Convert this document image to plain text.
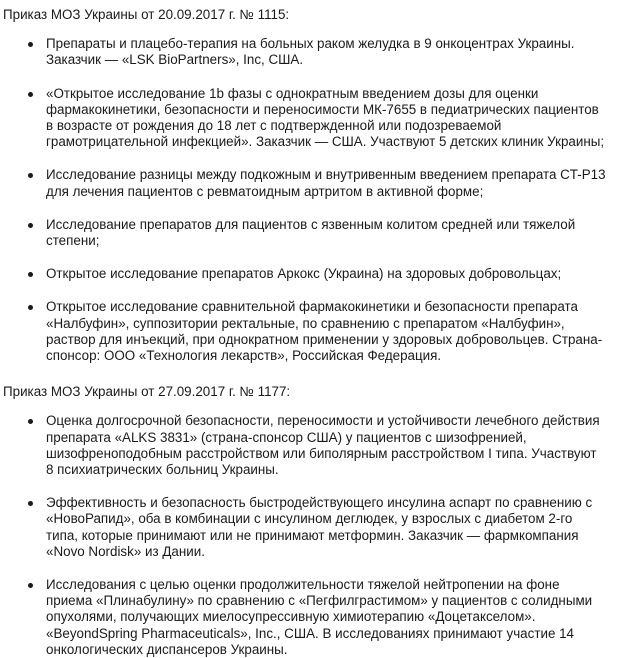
Приказ МОЗ Украины от 20.09.2017 г. № 1115:

Препараты и плацебо-терапия на больных раком желудка в 9 онкоцентрах Украины. Заказчик — «LSK BioPartners», Inc, США.
«Открытое исследование 1b фазы с однократным введением дозы для оценки фармакокинетики, безопасности и переносимости МК-7655 в педиатрических пациентов в возрасте от рождения до 18 лет с подтвержденной или подозреваемой грамотрицательной инфекцией». Заказчик — США. Участвуют 5 детских клиник Украины;
Исследование разницы между подкожным и внутривенным введением препарата CT-P13 для лечения пациентов с ревматоидным артритом в активной форме;
Исследование препаратов для пациентов с язвенным колитом средней или тяжелой степени;
Открытое исследование препаратов Аркокс (Украина) на здоровых добровольцах;
Открытое исследование сравнительной фармакокинетики и безопасности препарата «Налбуфин», суппозитории ректальные, по сравнению с препаратом «Налбуфин», раствор для инъекций, при однократном применении у здоровых добровольцев. Страна-спонсор: ООО «Технология лекарств», Российская Федерация.

Приказ МОЗ Украины от 27.09.2017 г. № 1177:

Оценка долгосрочной безопасности, переносимости и устойчивости лечебного действия препарата «ALKS 3831» (страна-спонсор США) у пациентов с шизофренией, шизофреноподобным расстройством или биполярным расстройством I типа. Участвуют 8 психиатрических больниц Украины.
Эффективность и безопасность быстродействующего инсулина аспарт по сравнению с «НовоРапид», оба в комбинации с инсулином деглюдек, у взрослых с диабетом 2-го типа, которые принимают или не принимают метформин. Заказчик — фармкомпания «Novo Nordisk» из Дании.
Исследования с целью оценки продолжительности тяжелой нейтропении на фоне приема «Плинабулину» по сравнению с «Пегфилграстимом» у пациентов с солидными опухолями, получающих миелосупрессивную химиотерапию «Доцетакселом». «BeyondSpring Pharmaceuticals», Inc., США. В исследованиях принимают участие 14 онкологических диспансеров Украины.
